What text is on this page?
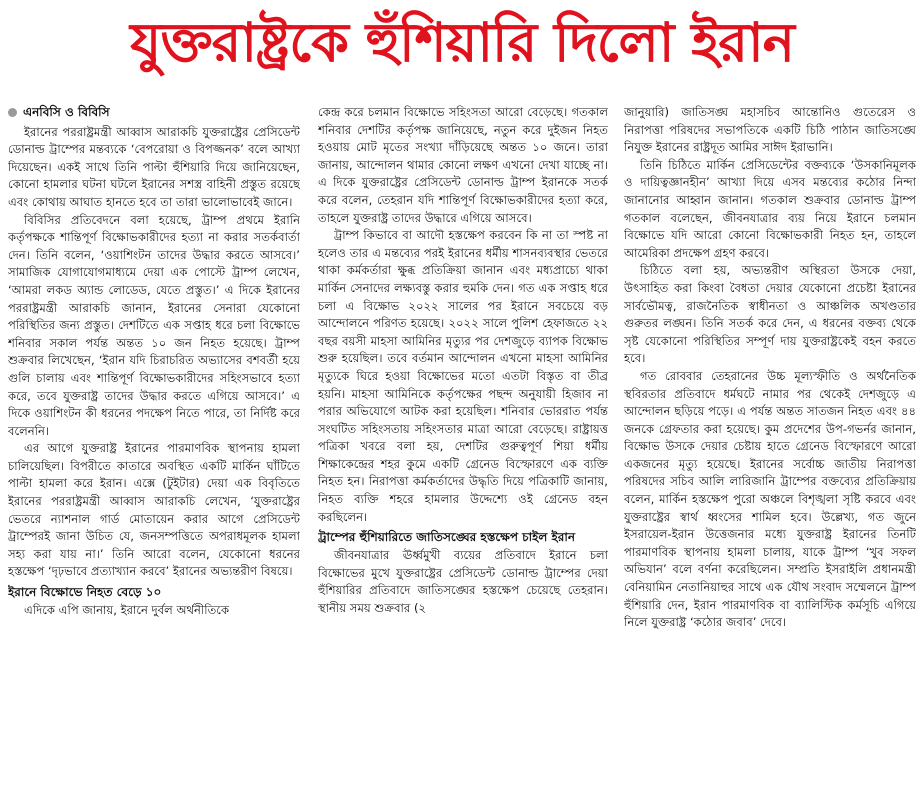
যুক্তরাষ্ট্রকে হুঁশিয়ারি দিলো ইরান
এনবিসি ও বিবিসি

ইরানের পররাষ্ট্রমন্ত্রী আব্বাস আরাকচি যুক্তরাষ্ট্রের প্রেসিডেন্ট ডোনাল্ড ট্রাম্পের মন্তব্যকে ‘বেপরোয়া ও বিপজ্জনক’ বলে আখ্যা দিয়েছেন। একই সাথে তিনি পাল্টা হুঁশিয়ারি দিয়ে জানিয়েছেন, কোনো হামলার ঘটনা ঘটলে ইরানের সশস্ত্র বাহিনী প্রস্তুত রয়েছে এবং কোথায় আঘাত হানতে হবে তা তারা ভালোভাবেই জানে।

বিবিসির প্রতিবেদনে বলা হয়েছে, ট্রাম্প প্রথমে ইরানি কর্তৃপক্ষকে শান্তিপূর্ণ বিক্ষোভকারীদের হত্যা না করার সতর্কবার্তা দেন। তিনি বলেন, ‘ওয়াশিংটন তাদের উদ্ধার করতে আসবে।’ সামাজিক যোগাযোগমাধ্যমে দেয়া এক পোস্টে ট্রাম্প লেখেন, ‘আমরা লকড অ্যান্ড লোডেড, যেতে প্রস্তুত।’ এ দিকে ইরানের পররাষ্ট্রমন্ত্রী আরাকচি জানান, ইরানের সেনারা যেকোনো পরিস্থিতির জন্য প্রস্তুত। দেশটিতে এক সপ্তাহ ধরে চলা বিক্ষোভে শনিবার সকাল পর্যন্ত অন্তত ১০ জন নিহত হয়েছে। ট্রাম্প শুক্রবার লিখেছেন, ‘ইরান যদি চিরাচরিত অভ্যাসের বশবর্তী হয়ে গুলি চালায় এবং শান্তিপূর্ণ বিক্ষোভকারীদের সহিংসভাবে হত্যা করে, তবে যুক্তরাষ্ট্র তাদের উদ্ধার করতে এগিয়ে আসবে।’ এ দিকে ওয়াশিংটন কী ধরনের পদক্ষেপ নিতে পারে, তা নির্দিষ্ট করে বলেননি।

এর আগে যুক্তরাষ্ট্র ইরানের পারমাণবিক স্থাপনায় হামলা চালিয়েছিল। বিপরীতে কাতারে অবস্থিত একটি মার্কিন ঘাঁটিতে পাল্টা হামলা করে ইরান। এক্সে (টুইটার) দেয়া এক বিবৃতিতে ইরানের পররাষ্ট্রমন্ত্রী আব্বাস আরাকচি লেখেন, ‘যুক্তরাষ্ট্রের ভেতরে ন্যাশনাল গার্ড মোতায়েন করার আগে প্রেসিডেন্ট ট্রাম্পেরই জানা উচিত যে, জনসম্পত্তিতে অপরাধমূলক হামলা সহ্য করা যায় না।’ তিনি আরো বলেন, যেকোনো ধরনের হস্তক্ষেপ ‘দৃঢ়ভাবে প্রত্যাখ্যান করবে’ ইরানের অভ্যন্তরীণ বিষয়ে।

ইরানে বিক্ষোভে নিহত বেড়ে ১০

এদিকে এপি জানায়, ইরানে দুর্বল অর্থনীতিকে

কেন্দ্র করে চলমান বিক্ষোভে সহিংসতা আরো বেড়েছে। গতকাল শনিবার দেশটির কর্তৃপক্ষ জানিয়েছে, নতুন করে দুইজন নিহত হওয়ায় মোট মৃতের সংখ্যা দাঁড়িয়েছে অন্তত ১০ জনে। তারা জানায়, আন্দোলন থামার কোনো লক্ষণ এখনো দেখা যাচ্ছে না। এ দিকে যুক্তরাষ্ট্রের প্রেসিডেন্ট ডোনাল্ড ট্রাম্প ইরানকে সতর্ক করে বলেন, তেহরান যদি শান্তিপূর্ণ বিক্ষোভকারীদের হত্যা করে, তাহলে যুক্তরাষ্ট্র তাদের উদ্ধারে এগিয়ে আসবে।

ট্রাম্প কিভাবে বা আদৌ হস্তক্ষেপ করবেন কি না তা স্পষ্ট না হলেও তার এ মন্তব্যের পরই ইরানের ধর্মীয় শাসনব্যবস্থার ভেতরে থাকা কর্মকর্তারা ক্ষুব্ধ প্রতিক্রিয়া জানান এবং মধ্যপ্রাচ্যে থাকা মার্কিন সেনাদের লক্ষ্যবস্তু করার হুমকি দেন। গত এক সপ্তাহ ধরে চলা এ বিক্ষোভ ২০২২ সালের পর ইরানে সবচেয়ে বড় আন্দোলনে পরিণত হয়েছে। ২০২২ সালে পুলিশ হেফাজতে ২২ বছর বয়সী মাহসা আমিনির মৃত্যুর পর দেশজুড়ে ব্যাপক বিক্ষোভ শুরু হয়েছিল। তবে বর্তমান আন্দোলন এখনো মাহসা আমিনির মৃত্যুকে ঘিরে হওয়া বিক্ষোভের মতো এতটা বিস্তৃত বা তীব্র হয়নি। মাহসা আমিনিকে কর্তৃপক্ষের পছন্দ অনুযায়ী হিজাব না পরার অভিযোগে আটক করা হয়েছিল। শনিবার ভোররাত পর্যন্ত সংঘটিত সহিংসতায় সহিংসতার মাত্রা আরো বেড়েছে। রাষ্ট্রায়ত্ত পত্রিকা খবরে বলা হয়, দেশটির গুরুত্বপূর্ণ শিয়া ধর্মীয় শিক্ষাকেন্দ্রের শহর কুমে একটি গ্রেনেড বিস্ফোরণে এক ব্যক্তি নিহত হন। নিরাপত্তা কর্মকর্তাদের উদ্ধৃতি দিয়ে পত্রিকাটি জানায়, নিহত ব্যক্তি শহরে হামলার উদ্দেশ্যে ওই গ্রেনেড বহন করছিলেন।

ট্রাম্পের হুঁশিয়ারিতে জাতিসঙ্ঘের হস্তক্ষেপ চাইল ইরান

জীবনযাত্রার ঊর্ধ্বমুখী ব্যয়ের প্রতিবাদে ইরানে চলা বিক্ষোভের মুখে যুক্তরাষ্ট্রের প্রেসিডেন্ট ডোনাল্ড ট্রাম্পের দেয়া হুঁশিয়ারির প্রতিবাদে জাতিসঙ্ঘের হস্তক্ষেপ চেয়েছে তেহরান। স্থানীয় সময় শুক্রবার (২

জানুয়ারি) জাতিসঙ্ঘ মহাসচিব আন্তোনিও গুতেরেস ও নিরাপত্তা পরিষদের সভাপতিকে একটি চিঠি পাঠান জাতিসঙ্ঘে নিযুক্ত ইরানের রাষ্ট্রদূত আমির সাঈদ ইরাভানি।

তিনি চিঠিতে মার্কিন প্রেসিডেন্টের বক্তব্যকে ‘উসকানিমূলক ও দায়িত্বজ্ঞানহীন’ আখ্যা দিয়ে এসব মন্তব্যের কঠোর নিন্দা জানানোর আহ্বান জানান। গতকাল শুক্রবার ডোনাল্ড ট্রাম্প গতকাল বলেছেন, জীবনযাত্রার ব্যয় নিয়ে ইরানে চলমান বিক্ষোভে যদি আরো কোনো বিক্ষোভকারী নিহত হন, তাহলে আমেরিকা প্রদক্ষেপ গ্রহণ করবে।

চিঠিতে বলা হয়, অভ্যন্তরীণ অস্থিরতা উসকে দেয়া, উৎসাহিত করা কিংবা বৈধতা দেয়ার যেকোনো প্রচেষ্টা ইরানের সার্বভৌমত্ব, রাজনৈতিক স্বাধীনতা ও আঞ্চলিক অখণ্ডতার গুরুতর লঙ্ঘন। তিনি সতর্ক করে দেন, এ ধরনের বক্তব্য থেকে সৃষ্ট যেকোনো পরিস্থিতির সম্পূর্ণ দায় যুক্তরাষ্ট্রকেই বহন করতে হবে।

গত রোববার তেহরানের উচ্চ মূল্যস্ফীতি ও অর্থনৈতিক স্থবিরতার প্রতিবাদে ধর্মঘটে নামার পর থেকেই দেশজুড়ে এ আন্দোলন ছড়িয়ে পড়ে। এ পর্যন্ত অন্তত সাতজন নিহত এবং ৪৪ জনকে গ্রেফতার করা হয়েছে। কুম প্রদেশের উপ-গভর্নর জানান, বিক্ষোভ উসকে দেয়ার চেষ্টায় হাতে গ্রেনেড বিস্ফোরণে আরো একজনের মৃত্যু হয়েছে। ইরানের সর্বোচ্চ জাতীয় নিরাপত্তা পরিষদের সচিব আলি লারিজানি ট্রাম্পের বক্তব্যের প্রতিক্রিয়ায় বলেন, মার্কিন হস্তক্ষেপ পুরো অঞ্চলে বিশৃঙ্খলা সৃষ্টি করবে এবং যুক্তরাষ্ট্রের স্বার্থ ধ্বংসের শামিল হবে। উল্লেখ্য, গত জুনে ইসরায়েল-ইরান উত্তেজনার মধ্যে যুক্তরাষ্ট্র ইরানের তিনটি পারমাণবিক স্থাপনায় হামলা চালায়, যাকে ট্রাম্প ‘খুব সফল অভিযান’ বলে বর্ণনা করেছিলেন। সম্প্রতি ইসরাইলি প্রধানমন্ত্রী বেনিয়ামিন নেতানিয়াহুর সাথে এক যৌথ সংবাদ সম্মেলনে ট্রাম্প হুঁশিয়ারি দেন, ইরান পারমাণবিক বা ব্যালিস্টিক কর্মসূচি এগিয়ে নিলে যুক্তরাষ্ট্র ‘কঠোর জবাব’ দেবে।
